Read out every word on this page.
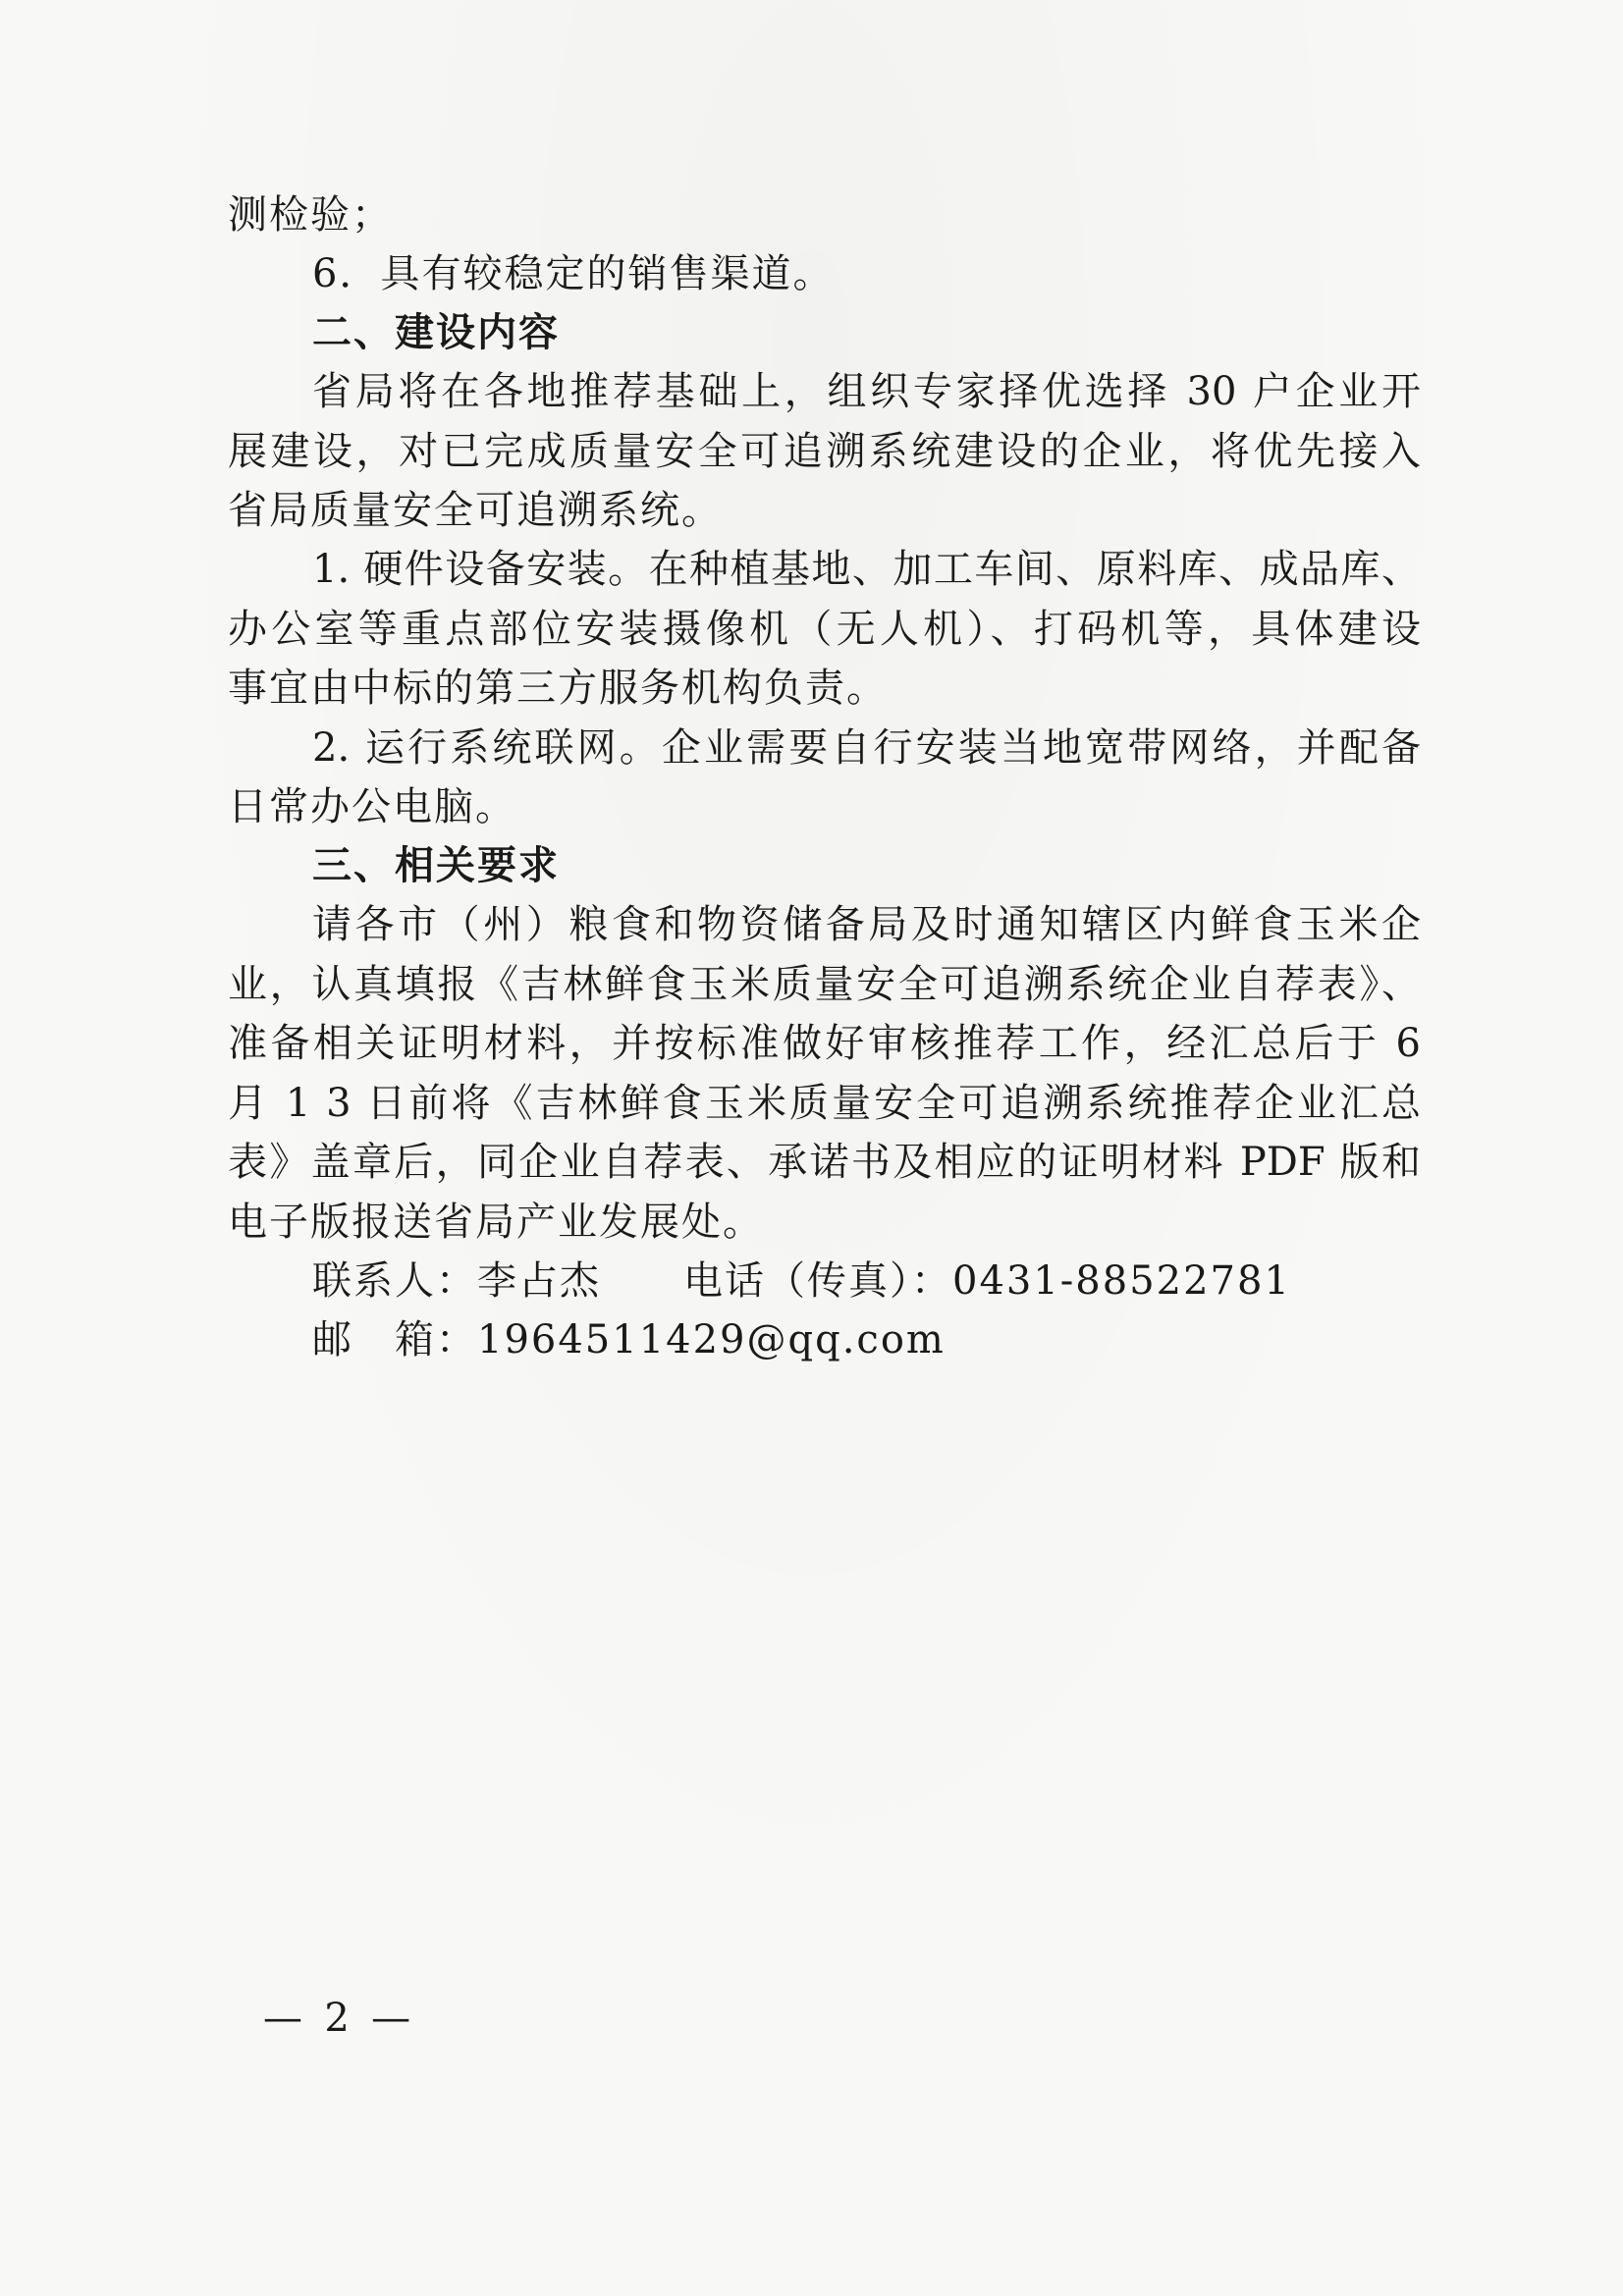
测检验；
6．具有较稳定的销售渠道。
二、建设内容
省局将在各地推荐基础上，组织专家择优选择 30 户企业开
展建设，对已完成质量安全可追溯系统建设的企业，将优先接入
省局质量安全可追溯系统。
1. 硬件设备安装。在种植基地、加工车间、原料库、成品库、
办公室等重点部位安装摄像机（无人机）、打码机等，具体建设
事宜由中标的第三方服务机构负责。
2. 运行系统联网。企业需要自行安装当地宽带网络，并配备
日常办公电脑。
三、相关要求
请各市（州）粮食和物资储备局及时通知辖区内鲜食玉米企
业，认真填报《吉林鲜食玉米质量安全可追溯系统企业自荐表》、
准备相关证明材料，并按标准做好审核推荐工作，经汇总后于 6
月 1 3 日前将《吉林鲜食玉米质量安全可追溯系统推荐企业汇总
表》盖章后，同企业自荐表、承诺书及相应的证明材料 PDF 版和
电子版报送省局产业发展处。
联系人：李占杰　　电话（传真）：0431-88522781
邮　箱：1964511429@qq.com
— 2 —
